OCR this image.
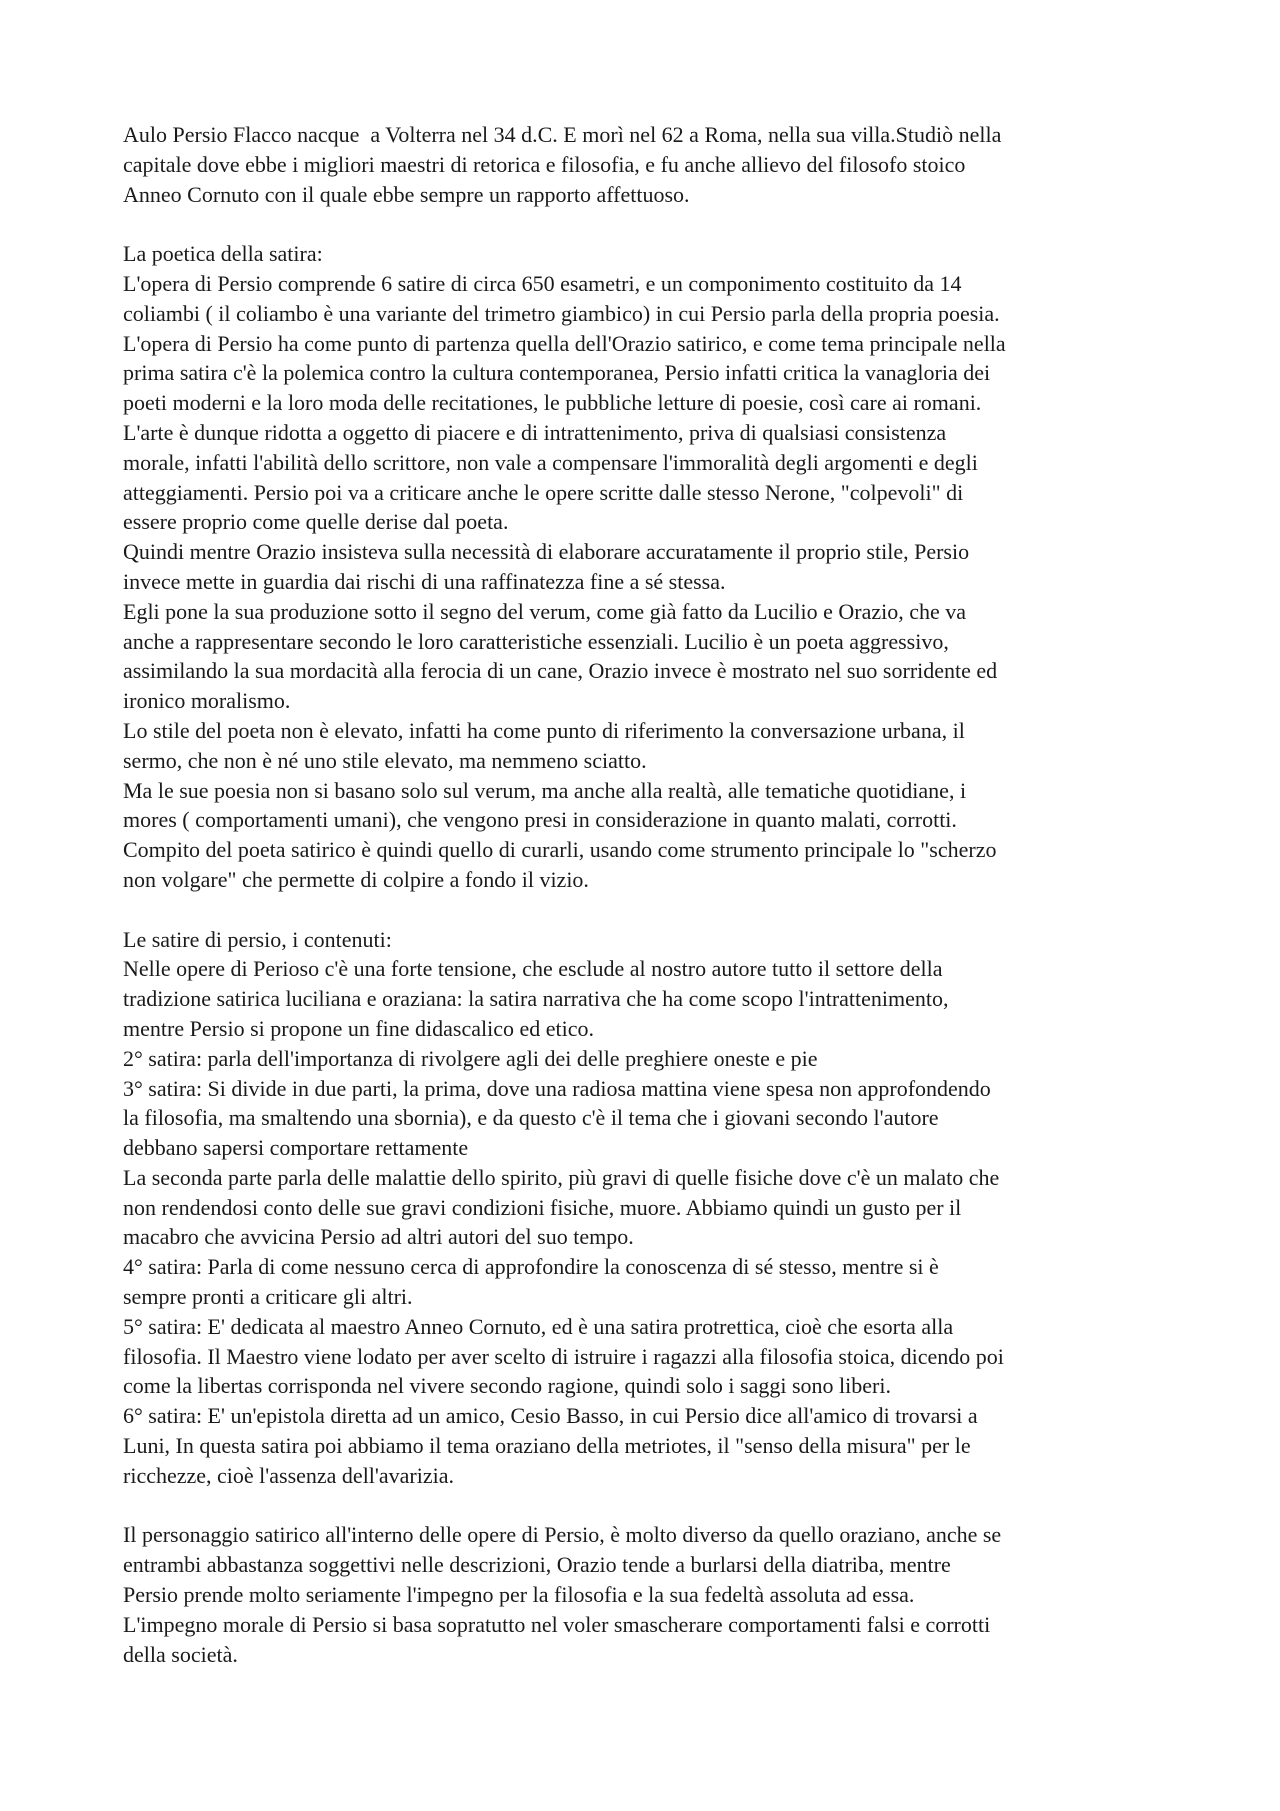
Aulo Persio Flacco nacque  a Volterra nel 34 d.C. E morì nel 62 a Roma, nella sua villa.Studiò nella
capitale dove ebbe i migliori maestri di retorica e filosofia, e fu anche allievo del filosofo stoico
Anneo Cornuto con il quale ebbe sempre un rapporto affettuoso.
La poetica della satira:
L'opera di Persio comprende 6 satire di circa 650 esametri, e un componimento costituito da 14
coliambi ( il coliambo è una variante del trimetro giambico) in cui Persio parla della propria poesia.
L'opera di Persio ha come punto di partenza quella dell'Orazio satirico, e come tema principale nella
prima satira c'è la polemica contro la cultura contemporanea, Persio infatti critica la vanagloria dei
poeti moderni e la loro moda delle recitationes, le pubbliche letture di poesie, così care ai romani.
L'arte è dunque ridotta a oggetto di piacere e di intrattenimento, priva di qualsiasi consistenza
morale, infatti l'abilità dello scrittore, non vale a compensare l'immoralità degli argomenti e degli
atteggiamenti. Persio poi va a criticare anche le opere scritte dalle stesso Nerone, "colpevoli" di
essere proprio come quelle derise dal poeta.
Quindi mentre Orazio insisteva sulla necessità di elaborare accuratamente il proprio stile, Persio
invece mette in guardia dai rischi di una raffinatezza fine a sé stessa.
Egli pone la sua produzione sotto il segno del verum, come già fatto da Lucilio e Orazio, che va
anche a rappresentare secondo le loro caratteristiche essenziali. Lucilio è un poeta aggressivo,
assimilando la sua mordacità alla ferocia di un cane, Orazio invece è mostrato nel suo sorridente ed
ironico moralismo.
Lo stile del poeta non è elevato, infatti ha come punto di riferimento la conversazione urbana, il
sermo, che non è né uno stile elevato, ma nemmeno sciatto.
Ma le sue poesia non si basano solo sul verum, ma anche alla realtà, alle tematiche quotidiane, i
mores ( comportamenti umani), che vengono presi in considerazione in quanto malati, corrotti.
Compito del poeta satirico è quindi quello di curarli, usando come strumento principale lo "scherzo
non volgare" che permette di colpire a fondo il vizio.
Le satire di persio, i contenuti:
Nelle opere di Perioso c'è una forte tensione, che esclude al nostro autore tutto il settore della
tradizione satirica luciliana e oraziana: la satira narrativa che ha come scopo l'intrattenimento,
mentre Persio si propone un fine didascalico ed etico.
2° satira: parla dell'importanza di rivolgere agli dei delle preghiere oneste e pie
3° satira: Si divide in due parti, la prima, dove una radiosa mattina viene spesa non approfondendo
la filosofia, ma smaltendo una sbornia), e da questo c'è il tema che i giovani secondo l'autore
debbano sapersi comportare rettamente
La seconda parte parla delle malattie dello spirito, più gravi di quelle fisiche dove c'è un malato che
non rendendosi conto delle sue gravi condizioni fisiche, muore. Abbiamo quindi un gusto per il
macabro che avvicina Persio ad altri autori del suo tempo.
4° satira: Parla di come nessuno cerca di approfondire la conoscenza di sé stesso, mentre si è
sempre pronti a criticare gli altri.
5° satira: E' dedicata al maestro Anneo Cornuto, ed è una satira protrettica, cioè che esorta alla
filosofia. Il Maestro viene lodato per aver scelto di istruire i ragazzi alla filosofia stoica, dicendo poi
come la libertas corrisponda nel vivere secondo ragione, quindi solo i saggi sono liberi.
6° satira: E' un'epistola diretta ad un amico, Cesio Basso, in cui Persio dice all'amico di trovarsi a
Luni, In questa satira poi abbiamo il tema oraziano della metriotes, il "senso della misura" per le
ricchezze, cioè l'assenza dell'avarizia.
Il personaggio satirico all'interno delle opere di Persio, è molto diverso da quello oraziano, anche se
entrambi abbastanza soggettivi nelle descrizioni, Orazio tende a burlarsi della diatriba, mentre
Persio prende molto seriamente l'impegno per la filosofia e la sua fedeltà assoluta ad essa.
L'impegno morale di Persio si basa sopratutto nel voler smascherare comportamenti falsi e corrotti
della società.
